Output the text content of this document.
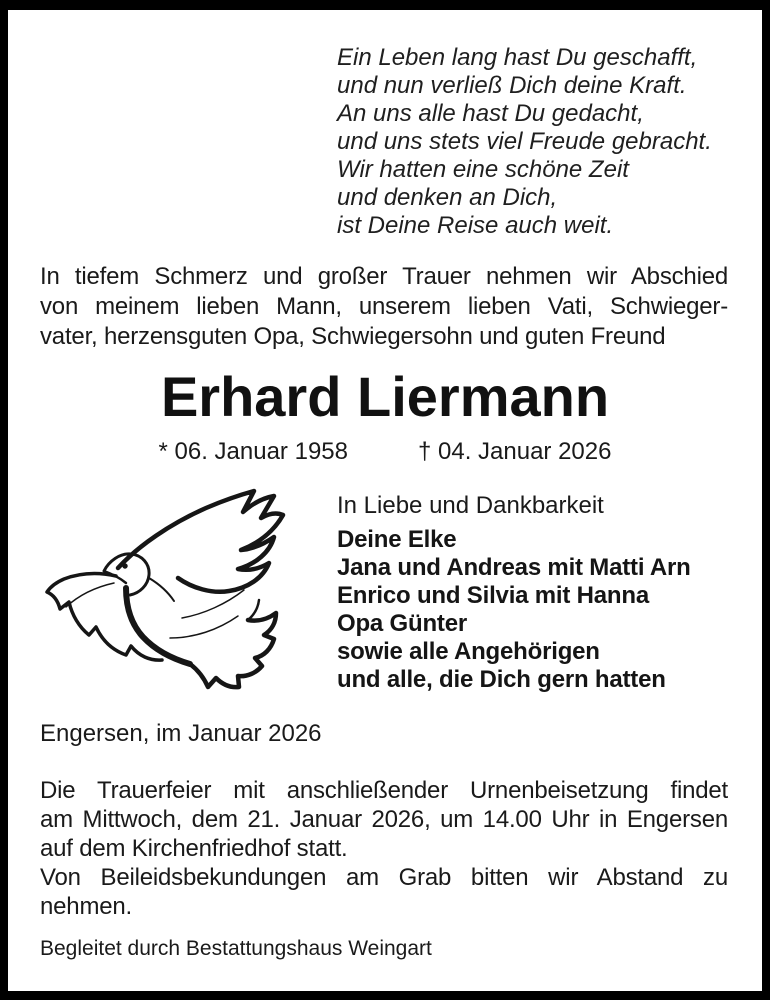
Ein Leben lang hast Du geschafft,
und nun verließ Dich deine Kraft.
An uns alle hast Du gedacht,
und uns stets viel Freude gebracht.
Wir hatten eine schöne Zeit
und denken an Dich,
ist Deine Reise auch weit.
In tiefem Schmerz und großer Trauer nehmen wir Abschied
von meinem lieben Mann, unserem lieben Vati, Schwieger-
vater, herzensguten Opa, Schwiegersohn und guten Freund
Erhard Liermann
* 06. Januar 1958	† 04. Januar 2026
In Liebe und Dankbarkeit
Deine Elke
Jana und Andreas mit Matti Arn
Enrico und Silvia mit Hanna
Opa Günter
sowie alle Angehörigen
und alle, die Dich gern hatten
Engersen, im Januar 2026
Die Trauerfeier mit anschließender Urnenbeisetzung findet
am Mittwoch, dem 21. Januar 2026, um 14.00 Uhr in Engersen
auf dem Kirchenfriedhof statt.
Von Beileidsbekundungen am Grab bitten wir Abstand zu
nehmen.
Begleitet durch Bestattungshaus Weingart
